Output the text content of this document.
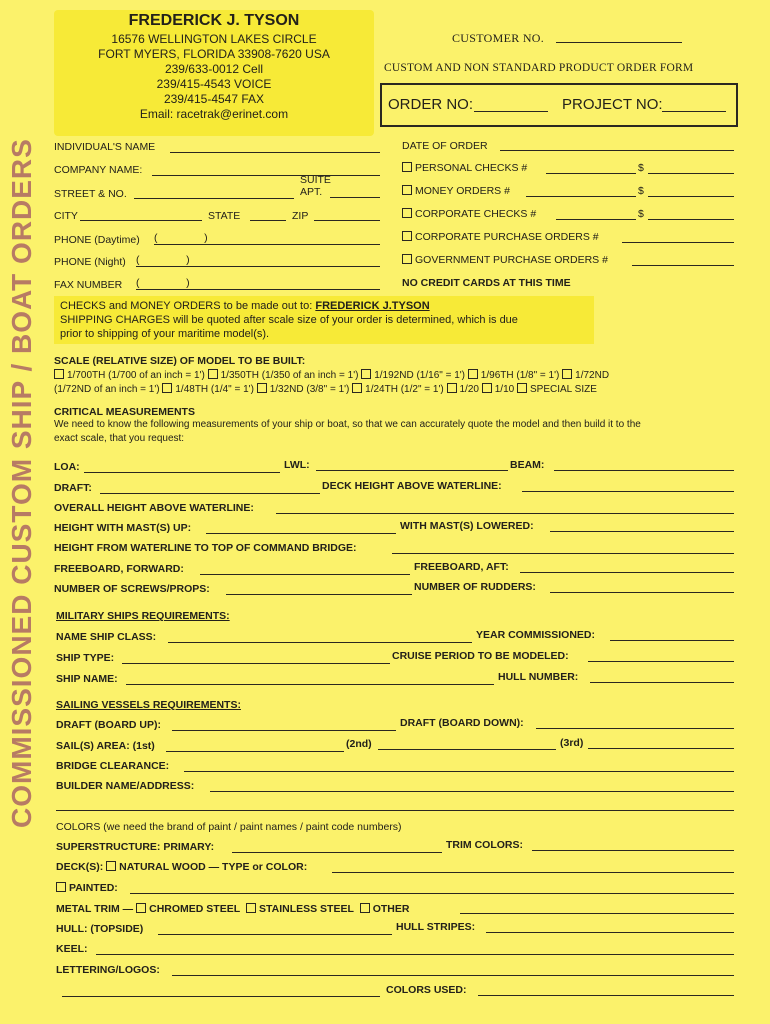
FREDERICK J. TYSON
16576 WELLINGTON LAKES CIRCLE
FORT MYERS, FLORIDA 33908-7620 USA
239/633-0012 Cell
239/415-4543 VOICE
239/415-4547 FAX
Email: racetrak@erinet.com
CUSTOMER NO.
CUSTOM AND NON STANDARD PRODUCT ORDER FORM
ORDER NO:	PROJECT NO:
COMMISSIONED CUSTOM SHIP / BOAT ORDERS INDIVIDUAL'S NAME
COMPANY NAME:
SUITE
APT.
STREET & NO.
CITY	STATE	ZIP
PHONE (Daytime) (                )
PHONE (Night) (                )
FAX NUMBER (                )
DATE OF ORDER
PERSONAL CHECKS #	$
MONEY ORDERS #	$
CORPORATE CHECKS #	$
CORPORATE PURCHASE ORDERS #
GOVERNMENT PURCHASE ORDERS #
NO CREDIT CARDS AT THIS TIME
CHECKS and MONEY ORDERS to be made out to: FREDERICK J.TYSON
SHIPPING CHARGES will be quoted after scale size of your order is determined, which is due
prior to shipping of your maritime model(s).
SCALE (RELATIVE SIZE) OF MODEL TO BE BUILT:
1/700TH (1/700 of an inch = 1') 1/350TH (1/350 of an inch = 1') 1/192ND (1/16" = 1') 1/96TH (1/8" = 1') 1/72ND
(1/72ND of an inch = 1') 1/48TH (1/4" = 1') 1/32ND (3/8" = 1') 1/24TH (1/2" = 1') 1/20 1/10 SPECIAL SIZE
CRITICAL MEASUREMENTS
We need to know the following measurements of your ship or boat, so that we can accurately quote the model and then build it to the
exact scale, that you request:
LOA:	LWL:	BEAM:
DRAFT:	DECK HEIGHT ABOVE WATERLINE:
OVERALL HEIGHT ABOVE WATERLINE:
HEIGHT WITH MAST(S) UP:	WITH MAST(S) LOWERED:
HEIGHT FROM WATERLINE TO TOP OF COMMAND BRIDGE:
FREEBOARD, FORWARD:	FREEBOARD, AFT:
NUMBER OF SCREWS/PROPS:	NUMBER OF RUDDERS:
MILITARY SHIPS REQUIREMENTS:
NAME SHIP CLASS:	YEAR COMMISSIONED:
SHIP TYPE:	CRUISE PERIOD TO BE MODELED:
SHIP NAME:	HULL NUMBER:
SAILING VESSELS REQUIREMENTS:
DRAFT (BOARD UP):	DRAFT (BOARD DOWN):
SAIL(S) AREA: (1st)	(2nd)	(3rd)
BRIDGE CLEARANCE:
BUILDER NAME/ADDRESS:
COLORS (we need the brand of paint / paint names / paint code numbers)
SUPERSTRUCTURE: PRIMARY:	TRIM COLORS:
DECK(S): NATURAL WOOD — TYPE or COLOR:
PAINTED:
METAL TRIM — CHROMED STEEL STAINLESS STEEL OTHER
HULL: (TOPSIDE)	HULL STRIPES:
KEEL:
LETTERING/LOGOS:
COLORS USED:
